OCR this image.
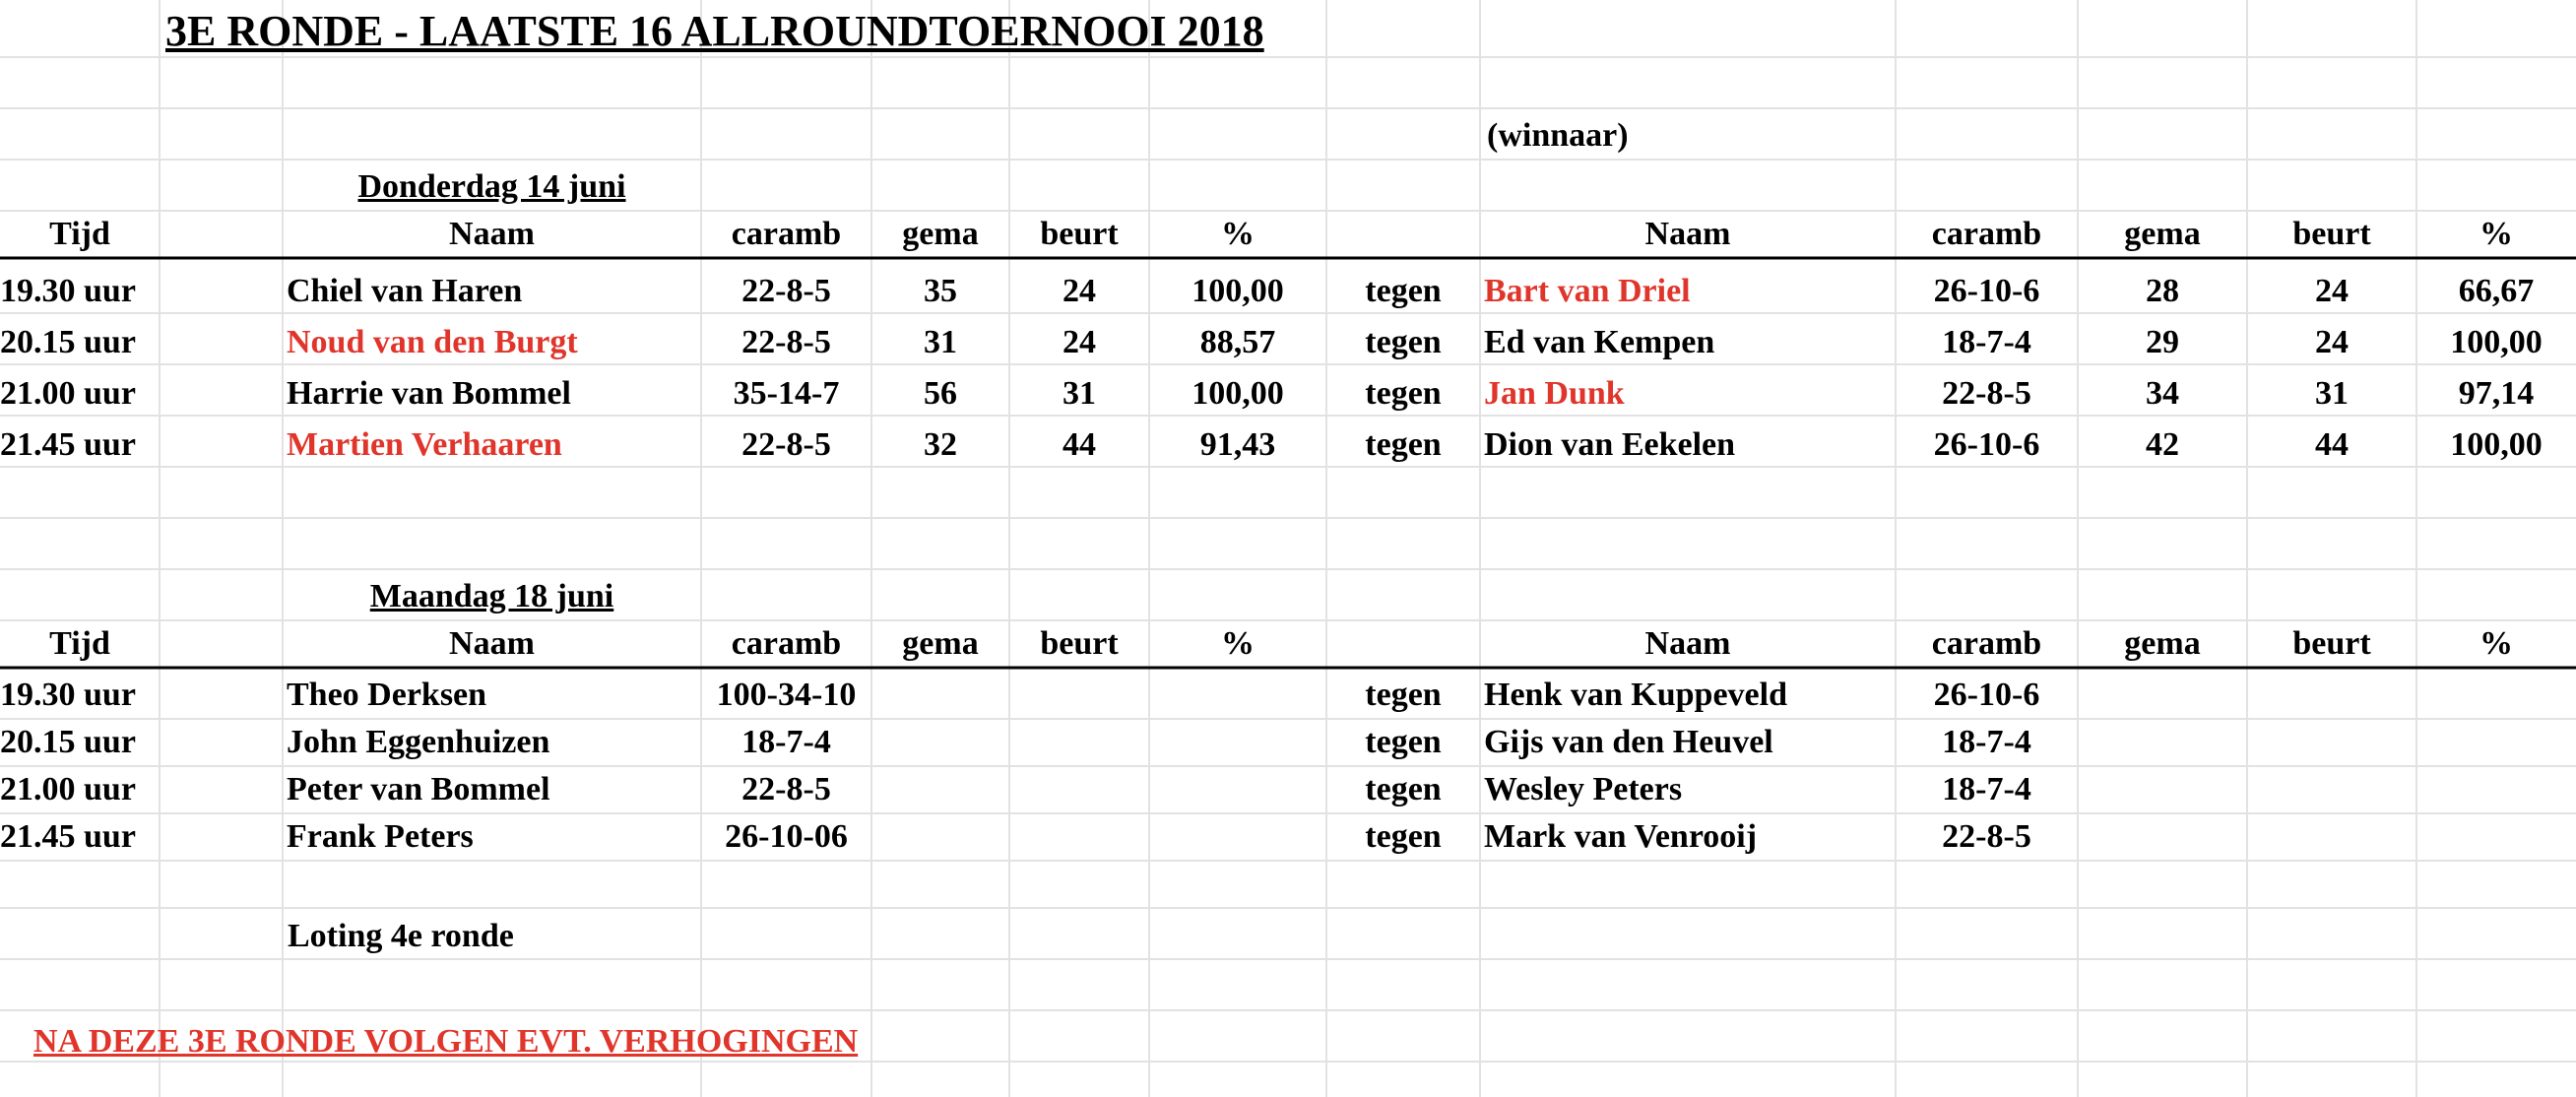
3E RONDE - LAATSTE 16 ALLROUNDTOERNOOI 2018
(winnaar)
Donderdag 14 juni
Tijd	Naam	caramb	gema	beurt	%	Naam	caramb	gema	beurt	%
19.30 uur	Chiel van Haren	22-8-5	35	24	100,00	tegen	Bart van Driel	26-10-6	28	24	66,67
20.15 uur	Noud van den Burgt	22-8-5	31	24	88,57	tegen	Ed van Kempen	18-7-4	29	24	100,00
21.00 uur	Harrie van Bommel	35-14-7	56	31	100,00	tegen	Jan Dunk	22-8-5	34	31	97,14
21.45 uur	Martien Verhaaren	22-8-5	32	44	91,43	tegen	Dion van Eekelen	26-10-6	42	44	100,00
Maandag 18 juni
Tijd	Naam	caramb	gema	beurt	%	Naam	caramb	gema	beurt	%
19.30 uur	Theo Derksen	100-34-10	tegen	Henk van Kuppeveld	26-10-6
20.15 uur	John Eggenhuizen	18-7-4	tegen	Gijs van den Heuvel	18-7-4
21.00 uur	Peter van Bommel	22-8-5	tegen	Wesley Peters	18-7-4
21.45 uur	Frank Peters	26-10-06	tegen	Mark van Venrooij	22-8-5
Loting 4e ronde
NA DEZE 3E RONDE VOLGEN EVT. VERHOGINGEN
